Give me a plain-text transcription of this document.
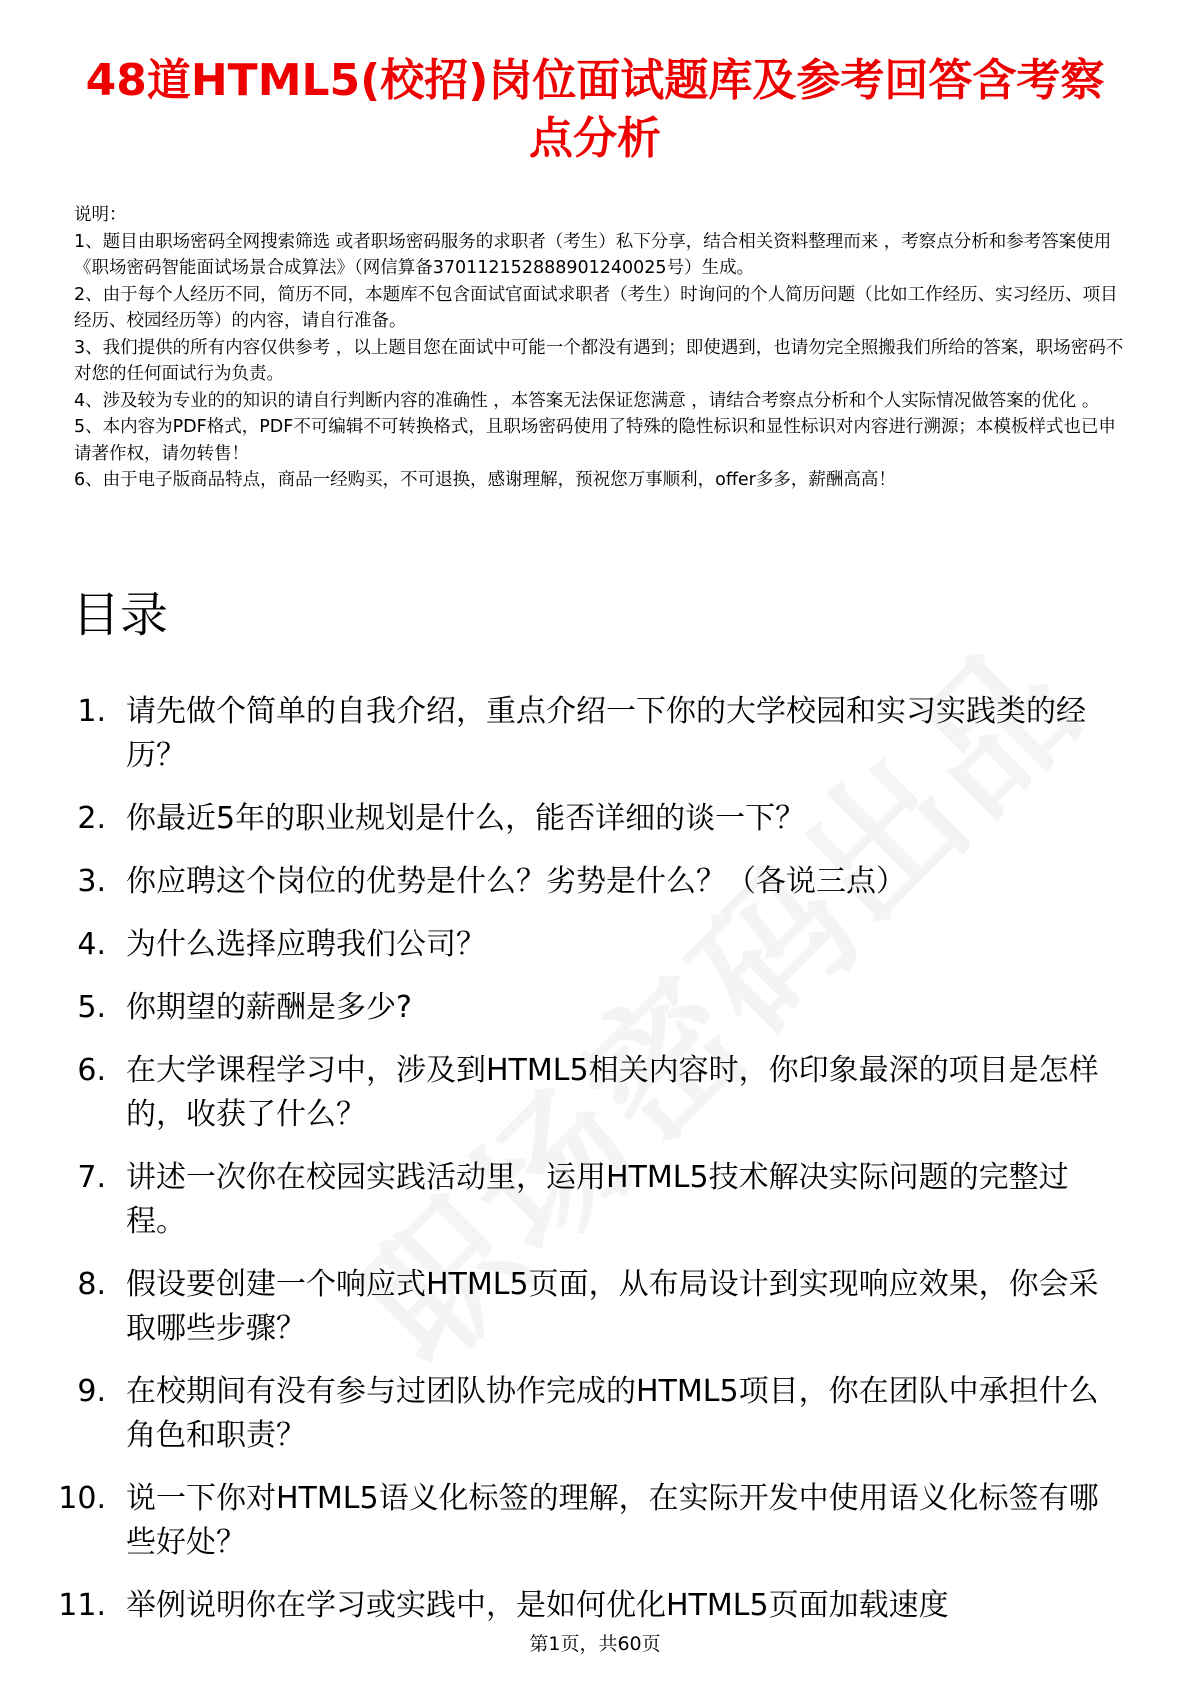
48道HTML5(校招)岗位面试题库及参考回答含考察点分析

说明：

1、题目由职场密码全网搜索筛选 或者职场密码服务的求职者（考生）私下分享，结合相关资料整理而来 ，考察点分析和参考答案使用《职场密码智能面试场景合成算法》（网信算备370112152888901240025号）生成。

2、由于每个人经历不同，简历不同，本题库不包含面试官面试求职者（考生）时询问的个人简历问题（比如工作经历、实习经历、项目经历、校园经历等）的内容，请自行准备。

3、我们提供的所有内容仅供参考 ，以上题目您在面试中可能一个都没有遇到；即使遇到，也请勿完全照搬我们所给的答案，职场密码不对您的任何面试行为负责。

4、涉及较为专业的的知识的请自行判断内容的准确性 ，本答案无法保证您满意 ，请结合考察点分析和个人实际情况做答案的优化 。

5、本内容为PDF格式，PDF不可编辑不可转换格式，且职场密码使用了特殊的隐性标识和显性标识对内容进行溯源；本模板样式也已申请著作权，请勿转售！

6、由于电子版商品特点，商品一经购买，不可退换，感谢理解，预祝您万事顺利，offer多多，薪酬高高！

目录
1. 请先做个简单的自我介绍，重点介绍一下你的大学校园和实习实践类的经历？
2. 你最近5年的职业规划是什么，能否详细的谈一下？
3. 你应聘这个岗位的优势是什么？劣势是什么？（各说三点）
4. 为什么选择应聘我们公司？
5. 你期望的薪酬是多少?
6. 在大学课程学习中，涉及到HTML5相关内容时，你印象最深的项目是怎样的，收获了什么？
7. 讲述一次你在校园实践活动里，运用HTML5技术解决实际问题的完整过程。
8. 假设要创建一个响应式HTML5页面，从布局设计到实现响应效果，你会采取哪些步骤？
9. 在校期间有没有参与过团队协作完成的HTML5项目，你在团队中承担什么角色和职责？
10. 说一下你对HTML5语义化标签的理解，在实际开发中使用语义化标签有哪些好处？
11. 举例说明你在学习或实践中，是如何优化HTML5页面加载速度
第1页，共60页
